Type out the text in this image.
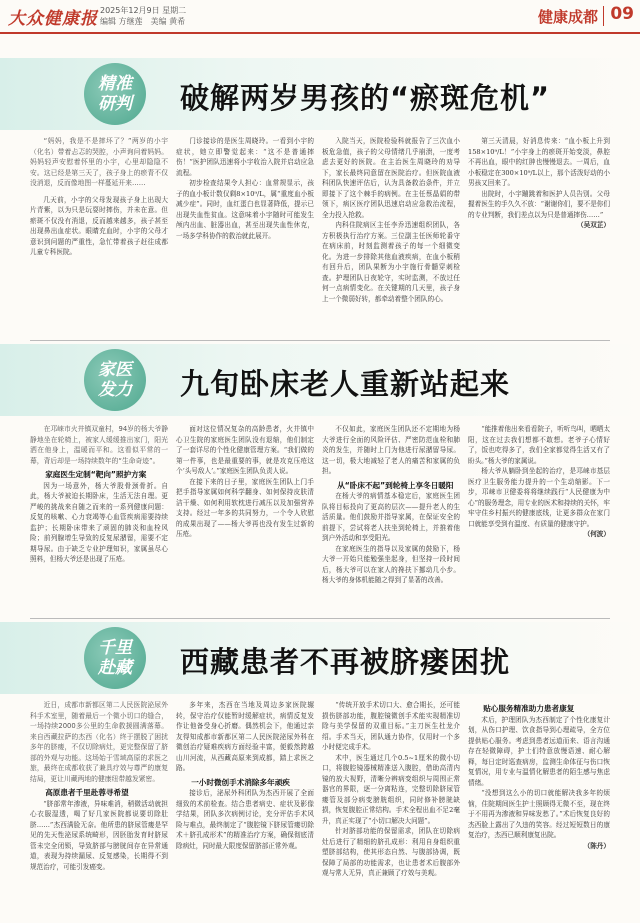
大众健康报 2025年12月9日 星期二
编辑 方继莲　美编 黄希	健康成都 09
精准
研判 破解两岁男孩的“瘀斑危机”

“妈妈，我是不是摔坏了？”两岁的小宇（化名）带着忐忑的哭腔，小声询问着妈妈。妈妈轻声安慰着怀里的小宇，心里却隐隐不安。这已经是第三天了，孩子身上的瘀青不仅没消退，反而像地图一样蔓延开来……

几天前，小宇的父母发现孩子身上出现大片青紫，以为只是玩耍时摔伤，并未在意。但瘀斑不仅没有消退，反而越来越多，孩子甚至出现鼻出血症状。眼睛充血时，小宇的父母才意识到问题的严重性，急忙带着孩子赶往成都儿童专科医院。

门诊接诊的是医生周晓玲。一看到小宇的症状，她立即警觉起来：“这不是普通摔伤！”医护团队迅速将小宇收治入院并启动应急流程。

初步检查结果令人担心：血常规显示，孩子的血小板计数仅剩8×10⁹/L，属“重度血小板减少症”。同时，血红蛋白也显著降低，提示已出现失血性贫血。这意味着小宇随时可能发生颅内出血、脏器出血，甚至出现失血性休克，一场多学科协作的救治就此展开。

入院当天，医院检验科就报告了三次血小板危急值，孩子的父母情绪几乎崩溃，一度考虑去更好的医院。在主治医生周晓玲的劝导下，家长最终同意留在医院治疗。但医院血液科团队快速评估后，认为具备救治条件，并立即接下了这个棘手的病例。在主任蔡晶娟的带领下，病区医疗团队迅速启动应急救治流程，全力投入抢救。

内科住院病区主任李乔迅速组织团队，各方积极执行治疗方案。三位副主任医师轮番守在病床前，时刻监测着孩子的每一个细微变化。为进一步排除其他血液疾病，在血小板稍有回升后，团队果断为小宇施行骨髓穿刺检查。护理团队日夜轮守，实时监测，不放过任何一点病情变化。在关键期的几天里，孩子身上一个微弱好转，都牵动着整个团队的心。

第三天清晨，好消息传来：“血小板上升到158×10⁹/L！”小宇身上的瘀斑开始变淡，鼻腔不再出血，眼中的红肿也慢慢退去。一周后，血小板稳定在300×10⁹/L以上，那个活泼好动的小男孩又回来了。

出院时，小宇蹦跳着和医护人员告别。父母握着医生的手久久不放：“谢谢你们，要不是你们的专业判断，我们差点以为只是普通摔伤……”

（吴双芷）

家医
发力 九旬卧床老人重新站起来

在邛崃市火井镇双童村，94岁的杨大爷静静地坐在轮椅上，被家人缓缓推出家门，阳光洒在他身上，温暖而平和。这看似平常的一幕，背后却是一场持续数年的“生命奇迹”。

家庭医生定制“靶向”照护方案

因为一场意外，杨大爷股骨颈骨折。自此，杨大爷被迫长期卧床，生活无法自理。更严峻的挑战来自随之而来的一系列健康问题：反复的咳嗽、心力衰竭等心血管疾病需要持续监护；长期卧床带来了顽固的肺炎和血栓风险；前列腺增生导致的反复尿潴留，需要不定期导尿。由于缺乏专业护理知识，家属虽尽心照料，但杨大爷还是出现了压疮。

面对这位情况复杂的高龄患者，火井镇中心卫生院的家庭医生团队没有退缩，他们制定了一套详尽的个性化健康管理方案。“我们做的第一件事，也是最重要的事，就是攻克压疮这个‘头号敌人’。”家庭医生团队负责人说。

在接下来的日子里，家庭医生团队上门手把手指导家属如何科学翻身、如何保持皮肤清洁干燥、如何利用软枕进行减压以及加强营养支持。经过一年多的共同努力，一个令人欣慰的成果出现了——杨大爷再也没有发生过新的压疮。

不仅如此，家庭医生团队还不定期地为杨大爷进行全面的风险评估、严密防范血栓和肺炎的发生，并随时上门为他进行尿潴留导尿。这一切，极大地减轻了老人的痛苦和家属的负担。

从“卧床不起”到轮椅上享冬日暖阳

在杨大爷的病情基本稳定后，家庭医生团队将目标投向了更高的层次——提升老人的生活质量。他们鼓励并指导家属，在保证安全的前提下，尝试将老人扶坐到轮椅上，并推着他到户外活动和享受阳光。

在家庭医生的指导以及家属的鼓励下，杨大爷一开始只能勉强坐起身，但坚持一段时间后，杨大爷可以在家人的搀扶下挪动几小步。杨大爷的身体机能随之得到了显著的改善。

“能推着他出来看看院子，听听鸟叫，晒晒太阳，这在过去我们想都不敢想。老爷子心情好了，饭也吃得多了，我们全家都觉得生活又有了盼头。”杨大爷的家属说。

杨大爷从躺卧到坐起的治疗，是邛崃市基层医疗卫生服务能力提升的一个生动缩影。下一步，邛崃市卫健委将将继续践行“人民健康为中心”的服务理念，用专业的医术和持续的关怀，牢牢守住乡村振兴的健康底线，让更多群众在家门口就能享受到有温度、有质量的健康守护。

（何波）

千里
赴藏 西藏患者不再被脐瘘困扰

近日，成都市新都区第二人民医院泌尿外科手术室里，随着最后一个微小切口的缝合，一场持续2000多公里的生命救援圆满落幕。来自西藏拉萨的杰西（化名）终于摆脱了困扰多年的脐瘘，不仅切除病灶，更完整保留了脐部的外观与功能。这场始于雪域高原的求医之旅，最终在成都收获了兼具疗效与尊严的康复结局，更让川藏两地的健康纽带越发紧密。

高原患者千里赴蓉寻希望

“脐部常年渗液，异味难消，稍微活动就担心衣服湿透，喝了好几家医院都说要切除肚脐……”杰西满脸无奈。他所患的脐尿管瘘是罕见的先天性泌尿系统畸形，因胚胎发育时脐尿管未完全闭锁，导致脐部与膀胱间存在异常通道，表现为持续漏尿、反复感染，长期得不到规范治疗，可能引发癌变。

多年来，杰西在当地及周边多家医院辗转，保守治疗仅能暂时缓解症状，病情反复发作让他备受身心折磨。偶然机会下，他通过亲友得知成都市新都区第二人民医院泌尿外科在微创治疗疑难疾病方面经验丰富，便毅然跨越山川河流，从西藏高原来到成都，踏上求医之路。

一小时微创手术消除多年顽疾

接诊后，泌尿外科团队为杰西开展了全面细致的术前检查。结合患者病史、症状及影像学结果，团队多次病例讨论，充分评估手术风险与难点，最终制定了“腹腔镜下脐尿管瘘切除术＋脐孔成形术”的精准治疗方案，确保彻底清除病灶，同时最大限度保留脐部正常外观。

“传统开放手术切口大、愈合期长，还可能损伤脐部功能，腹腔镜微创手术能实现精准切除与美学保留的双重目标。”主刀医生杜龙介绍。手术当天，团队通力协作，仅用时一个多小时便完成手术。

术中，医生通过几个0.5~1厘米的微小切口，将腹腔镜器械精准送入腹腔，借助高清内镜的放大视野，清晰分辨病变组织与周围正常器官的界限，逐一分离粘连，完整切除脐尿管瘘管及部分病变膀胱组织，同时修补膀胱缺损，恢复腹腔正常结构。手术全程出血不足2毫升，真正实现了“小切口解决大问题”。

针对脐部功能的保留需求，团队在切除病灶后进行了精细的脐孔成形：利用自身组织重塑脐部结构，使其形态自然、与腹部协调，既保障了局部的功能需求，也让患者术后腹部外观与常人无异，真正兼顾了疗效与美观。

贴心服务精准助力患者康复

术后，护理团队为杰西制定了个性化康复计划，从伤口护理、饮食指导到心理疏导，全方位提供贴心服务。考虑到患者远道而来、语言沟通存在轻微障碍，护士们特意放慢语速、耐心解释，每日定时巡查病房，监测生命体征与伤口恢复情况，用专业与温情化解患者的陌生感与焦虑情绪。

“没想到这么小的切口就能解决我多年的烦恼，住院期间医生护士照顾得无微不至，现在终于不用再为渗液和异味发愁了。”术后恢复良好的杰西脸上露出了久违的笑容。经过短短数日的康复治疗，杰西已顺利康复出院。

（陈丹）
